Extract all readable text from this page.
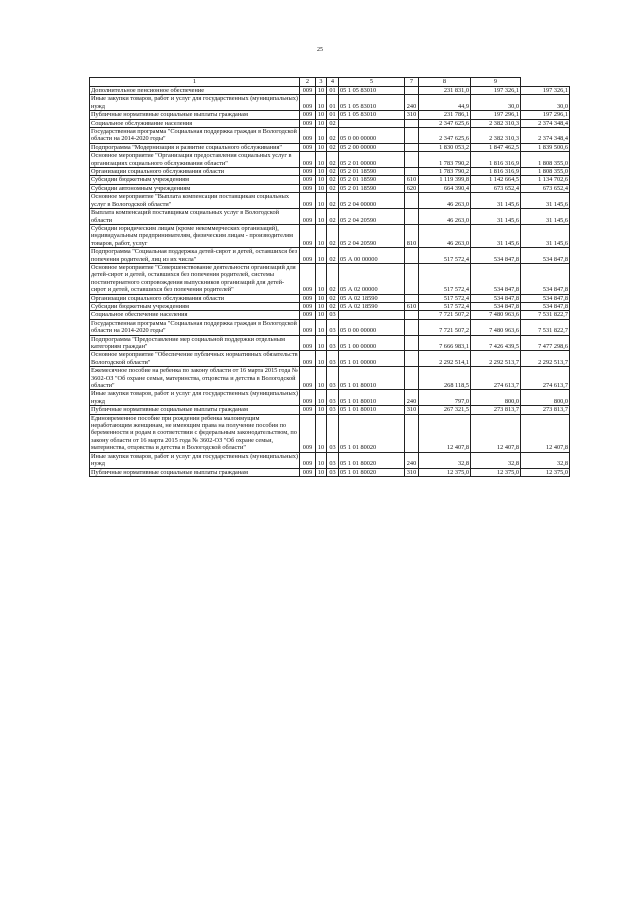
25
1	2	3	4	5		7	8	9	
Дополнительное пенсионное обеспечение	009	10	01	05 1 05 83010		231 831,0	197 326,1	197 326,1
Иные закупки товаров, работ и услуг для государственных (муниципальных) нужд	009	10	01	05 1 05 83010	240	44,9	30,0	30,0
Публичные нормативные социальные выплаты гражданам	009	10	01	05 1 05 83010	310	231 786,1	197 296,1	197 296,1
Социальное обслуживание населения	009	10	02			2 347 625,6	2 382 310,3	2 374 348,4
Государственная программа "Социальная поддержка граждан в Вологодской области на 2014-2020 годы"	009	10	02	05 0 00 00000		2 347 625,6	2 382 310,3	2 374 348,4
Подпрограмма "Модернизация и развитие социального обслуживания"	009	10	02	05 2 00 00000		1 830 053,2	1 847 462,5	1 839 500,6
Основное мероприятие "Организация предоставления социальных услуг в организациях социального обслуживания области"	009	10	02	05 2 01 00000		1 783 790,2	1 816 316,9	1 808 355,0
Организации социального обслуживания области	009	10	02	05 2 01 18590		1 783 790,2	1 816 316,9	1 808 355,0
Субсидии бюджетным учреждениям	009	10	02	05 2 01 18590	610	1 119 399,8	1 142 664,5	1 134 702,6
Субсидии автономным учреждениям	009	10	02	05 2 01 18590	620	664 390,4	673 652,4	673 652,4
Основное мероприятие "Выплата компенсации поставщикам социальных услуг в Вологодской области"	009	10	02	05 2 04 00000		46 263,0	31 145,6	31 145,6
Выплата компенсаций поставщикам социальных услуг в Вологодской области	009	10	02	05 2 04 20590		46 263,0	31 145,6	31 145,6
Субсидии юридическим лицам (кроме некоммерческих организаций), индивидуальным предпринимателям, физическим лицам - производителям товаров, работ, услуг	009	10	02	05 2 04 20590	810	46 263,0	31 145,6	31 145,6
Подпрограмма "Социальная поддержка детей-сирот и детей, оставшихся без попечения родителей, лиц из их числа"	009	10	02	05 А 00 00000		517 572,4	534 847,8	534 847,8
Основное мероприятие "Совершенствование деятельности организаций для детей-сирот и детей, оставшихся без попечения родителей, системы постинтернатного сопровождения выпускников организаций для детей-сирот и детей, оставшихся без попечения родителей"	009	10	02	05 А 02 00000		517 572,4	534 847,8	534 847,8
Организации социального обслуживания области	009	10	02	05 А 02 18590		517 572,4	534 847,8	534 847,8
Субсидии бюджетным учреждениям	009	10	02	05 А 02 18590	610	517 572,4	534 847,8	534 847,8
Социальное обеспечение населения	009	10	03			7 721 507,2	7 480 963,6	7 531 822,7
Государственная программа "Социальная поддержка граждан в Вологодской области на 2014-2020 годы"	009	10	03	05 0 00 00000		7 721 507,2	7 480 963,6	7 531 822,7
Подпрограмма "Предоставление мер социальной поддержки отдельным категориям граждан"	009	10	03	05 1 00 00000		7 666 983,1	7 426 439,5	7 477 298,6
Основное мероприятие "Обеспечение публичных нормативных обязательств Вологодской области"	009	10	03	05 1 01 00000		2 292 514,1	2 292 513,7	2 292 513,7
Ежемесячное пособие на ребенка по закону области от 16 марта 2015 года № 3602-ОЗ "Об охране семьи, материнства, отцовства и детства в Вологодской области"	009	10	03	05 1 01 80010		268 118,5	274 613,7	274 613,7
Иные закупки товаров, работ и услуг для государственных (муниципальных) нужд	009	10	03	05 1 01 80010	240	797,0	800,0	800,0
Публичные нормативные социальные выплаты гражданам	009	10	03	05 1 01 80010	310	267 321,5	273 813,7	273 813,7
Единовременное пособие при рождении ребенка малоимущим неработающим женщинам, не имеющим права на получение пособия по беременности и родам в соответствии с федеральным законодательством, по закону области от 16 марта 2015 года № 3602-ОЗ "Об охране семьи, материнства, отцовства и детства в Вологодской области"	009	10	03	05 1 01 80020		12 407,8	12 407,8	12 407,8
Иные закупки товаров, работ и услуг для государственных (муниципальных) нужд	009	10	03	05 1 01 80020	240	32,8	32,8	32,8
Публичные нормативные социальные выплаты гражданам	009	10	03	05 1 01 80020	310	12 375,0	12 375,0	12 375,0
